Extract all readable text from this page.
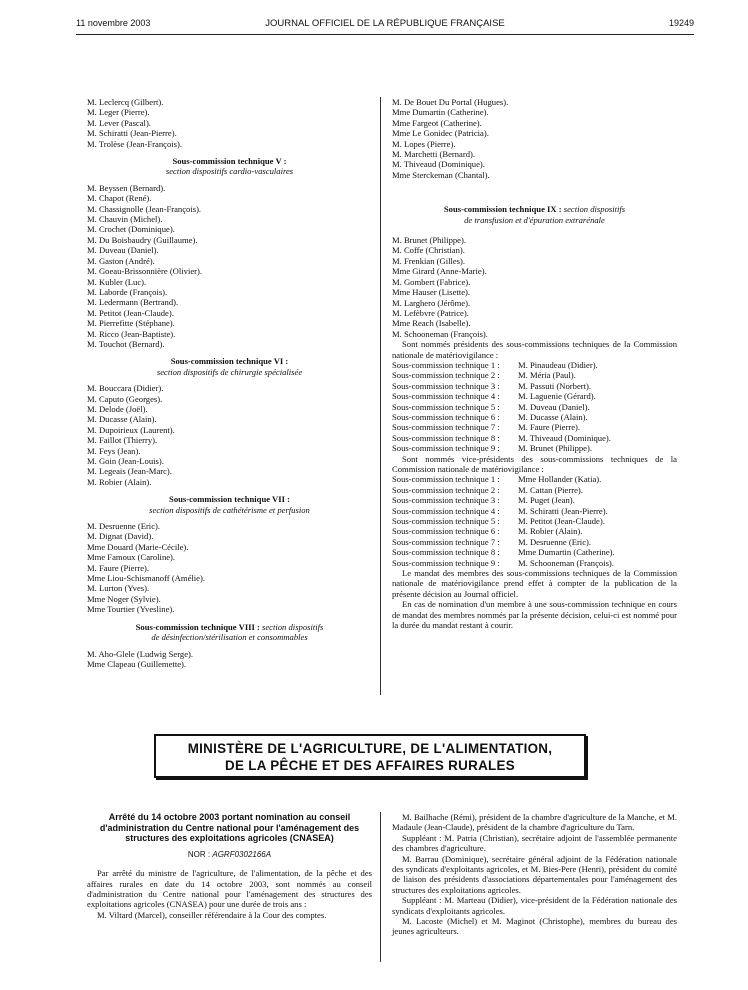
11 novembre 2003	JOURNAL OFFICIEL DE LA RÉPUBLIQUE FRANÇAISE	19249
M. Leclercq (Gilbert).
M. Leger (Pierre).
M. Lever (Pascal).
M. Schiratti (Jean-Pierre).
M. Trolèse (Jean-François).
Sous-commission technique V :
section dispositifs cardio-vasculaires
M. Beyssen (Bernard).
M. Chapot (René).
M. Chassignolle (Jean-François).
M. Chauvin (Michel).
M. Crochet (Dominique).
M. Du Boisbaudry (Guillaume).
M. Duveau (Daniel).
M. Gaston (André).
M. Goeau-Brissonnière (Olivier).
M. Kubler (Luc).
M. Laborde (François).
M. Ledermann (Bertrand).
M. Petitot (Jean-Claude).
M. Pierrefitte (Stéphane).
M. Ricco (Jean-Baptiste).
M. Touchot (Bernard).
Sous-commission technique VI :
section dispositifs de chirurgie spécialisée
M. Bouccara (Didier).
M. Caputo (Georges).
M. Delode (Joël).
M. Ducasse (Alain).
M. Dupoirieux (Laurent).
M. Faillot (Thierry).
M. Feys (Jean).
M. Goin (Jean-Louis).
M. Legeais (Jean-Marc).
M. Robier (Alain).
Sous-commission technique VII :
section dispositifs de cathétérisme et perfusion
M. Desruenne (Eric).
M. Dignat (David).
Mme Douard (Marie-Cécile).
Mme Famoux (Caroline).
M. Faure (Pierre).
Mme Liou-Schismanoff (Amélie).
M. Lurton (Yves).
Mme Noger (Sylvie).
Mme Tourtier (Yvesline).
Sous-commission technique VIII : section dispositifs
de désinfection/stérilisation et consommables
M. Aho-Glele (Ludwig Serge).
Mme Clapeau (Guillemette).
M. De Bouet Du Portal (Hugues).
Mme Dumartin (Catherine).
Mme Fargeot (Catherine).
Mme Le Gonidec (Patricia).
M. Lopes (Pierre).
M. Marchetti (Bernard).
M. Thiveaud (Dominique).
Mme Sterckeman (Chantal).
Sous-commission technique IX : section dispositifs
de transfusion et d'épuration extrarénale
M. Brunet (Philippe).
M. Coffe (Christian).
M. Frenkian (Gilles).
Mme Girard (Anne-Marie).
M. Gombert (Fabrice).
Mme Hauser (Lisette).
M. Larghero (Jérôme).
M. Lefèbvre (Patrice).
Mme Reach (Isabelle).
M. Schooneman (François).
Sont nommés présidents des sous-commissions techniques de la Commission nationale de matériovigilance :
Sous-commission technique 1 :	M. Pinaudeau (Didier).
Sous-commission technique 2 :	M. Méria (Paul).
Sous-commission technique 3 :	M. Passuti (Norbert).
Sous-commission technique 4 :	M. Laguenie (Gérard).
Sous-commission technique 5 :	M. Duveau (Daniel).
Sous-commission technique 6 :	M. Ducasse (Alain).
Sous-commission technique 7 :	M. Faure (Pierre).
Sous-commission technique 8 :	M. Thiveaud (Dominique).
Sous-commission technique 9 :	M. Brunet (Philippe).
Sont nommés vice-présidents des sous-commissions techniques de la Commission nationale de matériovigilance :
Sous-commission technique 1 :	Mme Hollander (Katia).
Sous-commission technique 2 :	M. Cattan (Pierre).
Sous-commission technique 3 :	M. Puget (Jean).
Sous-commission technique 4 :	M. Schiratti (Jean-Pierre).
Sous-commission technique 5 :	M. Petitot (Jean-Claude).
Sous-commission technique 6 :	M. Robier (Alain).
Sous-commission technique 7 :	M. Desruenne (Eric).
Sous-commission technique 8 :	Mme Dumartin (Catherine).
Sous-commission technique 9 :	M. Schooneman (François).
Le mandat des membres des sous-commissions techniques de la Commission nationale de matériovigilance prend effet à compter de la publication de la présente décision au Journal officiel.
En cas de nomination d'un membre à une sous-commission technique en cours de mandat des membres nommés par la présente décision, celui-ci est nommé pour la durée du mandat restant à courir.
MINISTÈRE DE L'AGRICULTURE, DE L'ALIMENTATION,
DE LA PÊCHE ET DES AFFAIRES RURALES
Arrêté du 14 octobre 2003 portant nomination au conseil d'administration du Centre national pour l'aménagement des structures des exploitations agricoles (CNASEA)
NOR : AGRF0302166A
Par arrêté du ministre de l'agriculture, de l'alimentation, de la pêche et des affaires rurales en date du 14 octobre 2003, sont nommés au conseil d'administration du Centre national pour l'aménagement des structures des exploitations agricoles (CNASEA) pour une durée de trois ans :
M. Viltard (Marcel), conseiller référendaire à la Cour des comptes.
M. Bailhache (Rémi), président de la chambre d'agriculture de la Manche, et M. Madaule (Jean-Claude), président de la chambre d'agriculture du Tarn.
Suppléant : M. Patria (Christian), secrétaire adjoint de l'assemblée permanente des chambres d'agriculture.
M. Barrau (Dominique), secrétaire général adjoint de la Fédération nationale des syndicats d'exploitants agricoles, et M. Bies-Pere (Henri), président du comité de liaison des présidents d'associations départementales pour l'aménagement des structures des exploitations agricoles.
Suppléant : M. Marteau (Didier), vice-président de la Fédération nationale des syndicats d'exploitants agricoles.
M. Lacoste (Michel) et M. Maginot (Christophe), membres du bureau des jeunes agriculteurs.
